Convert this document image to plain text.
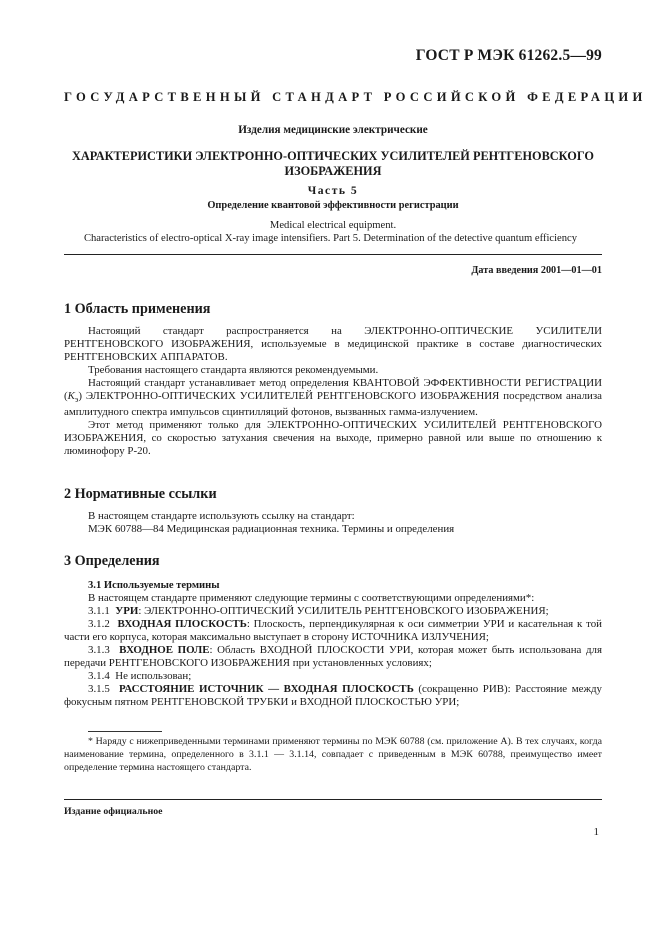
ГОСТ Р МЭК 61262.5—99
ГОСУДАРСТВЕННЫЙ СТАНДАРТ РОССИЙСКОЙ ФЕДЕРАЦИИ
Изделия медицинские электрические
ХАРАКТЕРИСТИКИ ЭЛЕКТРОННО-ОПТИЧЕСКИХ УСИЛИТЕЛЕЙ РЕНТГЕНОВСКОГО
ИЗОБРАЖЕНИЯ
Часть 5
Определение квантовой эффективности регистрации
Medical electrical equipment.
Characteristics of electro-optical X-ray image intensifiers. Part 5. Determination of the detective quantum efficiency
Дата введения 2001—01—01
1 Область применения
Настоящий стандарт распространяется на ЭЛЕКТРОННО-ОПТИЧЕСКИЕ УСИЛИТЕЛИ РЕНТГЕНОВСКОГО ИЗОБРАЖЕНИЯ, используемые в медицинской практике в составе диагностических РЕНТГЕНОВСКИХ АППАРАТОВ.
Требования настоящего стандарта являются рекомендуемыми.
Настоящий стандарт устанавливает метод определения КВАНТОВОЙ ЭФФЕКТИВНОСТИ РЕГИСТРАЦИИ $(K_э)$ ЭЛЕКТРОННО-ОПТИЧЕСКИХ УСИЛИТЕЛЕЙ РЕНТГЕНОВСКОГО ИЗОБРАЖЕНИЯ посредством анализа амплитудного спектра импульсов сцинтилляций фотонов, вызванных гамма-излучением.
Этот метод применяют только для ЭЛЕКТРОННО-ОПТИЧЕСКИХ УСИЛИТЕЛЕЙ РЕНТГЕНОВСКОГО ИЗОБРАЖЕНИЯ, со скоростью затухания свечения на выходе, примерно равной или выше по отношению к люминофору Р-20.
2 Нормативные ссылки
В настоящем стандарте использують ссылку на стандарт:
МЭК 60788—84 Медицинская радиационная техника. Термины и определения
3 Определения
3.1 Используемые термины
В настоящем стандарте применяют следующие термины с соответствующими определениями*:
3.1.1 УРИ: ЭЛЕКТРОННО-ОПТИЧЕСКИЙ УСИЛИТЕЛЬ РЕНТГЕНОВСКОГО ИЗОБРАЖЕНИЯ;
3.1.2 ВХОДНАЯ ПЛОСКОСТЬ: Плоскость, перпендикулярная к оси симметрии УРИ и касательная к той части его корпуса, которая максимально выступает в сторону ИСТОЧНИКА ИЗЛУЧЕНИЯ;
3.1.3 ВХОДНОЕ ПОЛЕ: Область ВХОДНОЙ ПЛОСКОСТИ УРИ, которая может быть использована для передачи РЕНТГЕНОВСКОГО ИЗОБРАЖЕНИЯ при установленных условиях;
3.1.4 Не использован;
3.1.5 РАССТОЯНИЕ ИСТОЧНИК — ВХОДНАЯ ПЛОСКОСТЬ (сокращенно РИВ): Расстояние между фокусным пятном РЕНТГЕНОВСКОЙ ТРУБКИ и ВХОДНОЙ ПЛОСКОСТЬЮ УРИ;
* Наряду с нижеприведенными терминами применяют термины по МЭК 60788 (см. приложение А). В тех случаях, когда наименование термина, определенного в 3.1.1 — 3.1.14, совпадает с приведенным в МЭК 60788, преимущество имеет определение термина настоящего стандарта.
Издание официальное
1
